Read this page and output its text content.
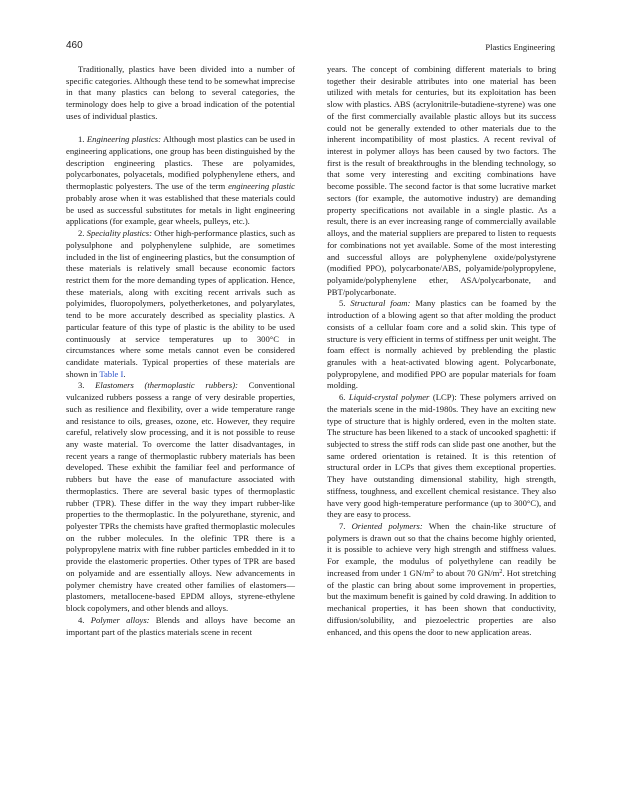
460	Plastics Engineering

Traditionally, plastics have been divided into a number of specific categories. Although these tend to be somewhat imprecise in that many plastics can belong to several categories, the terminology does help to give a broad indication of the potential uses of individual plastics.

1. Engineering plastics: Although most plastics can be used in engineering applications, one group has been distinguished by the description engineering plastics. These are polyamides, polycarbonates, polyacetals, modified polyphenylene ethers, and thermoplastic polyesters. The use of the term engineering plastic probably arose when it was established that these materials could be used as successful substitutes for metals in light engineering applications (for example, gear wheels, pulleys, etc.).

2. Speciality plastics: Other high-performance plastics, such as polysulphone and polyphenylene sulphide, are sometimes included in the list of engineering plastics, but the consumption of these materials is relatively small because economic factors restrict them for the more demanding types of application. Hence, these materials, along with exciting recent arrivals such as polyimides, fluoropolymers, polyetherketones, and polyarylates, tend to be more accurately described as speciality plastics. A particular feature of this type of plastic is the ability to be used continuously at service temperatures up to 300°C in circumstances where some metals cannot even be considered candidate materials. Typical properties of these materials are shown in Table I.

3. Elastomers (thermoplastic rubbers): Conventional vulcanized rubbers possess a range of very desirable properties, such as resilience and flexibility, over a wide temperature range and resistance to oils, greases, ozone, etc. However, they require careful, relatively slow processing, and it is not possible to reuse any waste material. To overcome the latter disadvantages, in recent years a range of thermoplastic rubbery materials has been developed. These exhibit the familiar feel and performance of rubbers but have the ease of manufacture associated with thermoplastics. There are several basic types of thermoplastic rubber (TPR). These differ in the way they impart rubber-like properties to the thermoplastic. In the polyurethane, styrenic, and polyester TPRs the chemists have grafted thermoplastic molecules on the rubber molecules. In the olefinic TPR there is a polypropylene matrix with fine rubber particles embedded in it to provide the elastomeric properties. Other types of TPR are based on polyamide and are essentially alloys. New advancements in polymer chemistry have created other families of elastomers—plastomers, metallocene-based EPDM alloys, styrene-ethylene block copolymers, and other blends and alloys.

4. Polymer alloys: Blends and alloys have become an important part of the plastics materials scene in recent

years. The concept of combining different materials to bring together their desirable attributes into one material has been utilized with metals for centuries, but its exploitation has been slow with plastics. ABS (acrylonitrile-butadiene-styrene) was one of the first commercially available plastic alloys but its success could not be generally extended to other materials due to the inherent incompatibility of most plastics. A recent revival of interest in polymer alloys has been caused by two factors. The first is the result of breakthroughs in the blending technology, so that some very interesting and exciting combinations have become possible. The second factor is that some lucrative market sectors (for example, the automotive industry) are demanding property specifications not available in a single plastic. As a result, there is an ever increasing range of commercially available alloys, and the material suppliers are prepared to listen to requests for combinations not yet available. Some of the most interesting and successful alloys are polyphenylene oxide/polystyrene (modified PPO), polycarbonate/ABS, polyamide/polypropylene, polyamide/polyphenylene ether, ASA/polycarbonate, and PBT/polycarbonate.

5. Structural foam: Many plastics can be foamed by the introduction of a blowing agent so that after molding the product consists of a cellular foam core and a solid skin. This type of structure is very efficient in terms of stiffness per unit weight. The foam effect is normally achieved by preblending the plastic granules with a heat-activated blowing agent. Polycarbonate, polypropylene, and modified PPO are popular materials for foam molding.

6. Liquid-crystal polymer (LCP): These polymers arrived on the materials scene in the mid-1980s. They have an exciting new type of structure that is highly ordered, even in the molten state. The structure has been likened to a stack of uncooked spaghetti: if subjected to stress the stiff rods can slide past one another, but the same ordered orientation is retained. It is this retention of structural order in LCPs that gives them exceptional properties. They have outstanding dimensional stability, high strength, stiffness, toughness, and excellent chemical resistance. They also have very good high-temperature performance (up to 300°C), and they are easy to process.

7. Oriented polymers: When the chain-like structure of polymers is drawn out so that the chains become highly oriented, it is possible to achieve very high strength and stiffness values. For example, the modulus of polyethylene can readily be increased from under 1 $GN/m^2$ to about 70 $GN/m^2$. Hot stretching of the plastic can bring about some improvement in properties, but the maximum benefit is gained by cold drawing. In addition to mechanical properties, it has been shown that conductivity, diffusion/solubility, and piezoelectric properties are also enhanced, and this opens the door to new application areas.
